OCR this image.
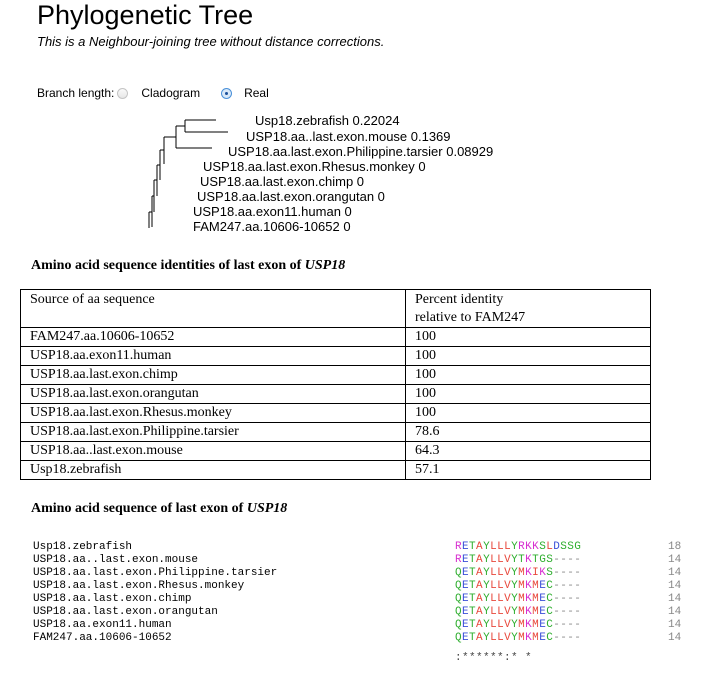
Phylogenetic Tree
This is a Neighbour-joining tree without distance corrections.
Branch length: Cladogram	Real
Usp18.zebrafish 0.22024
USP18.aa..last.exon.mouse 0.1369
USP18.aa.last.exon.Philippine.tarsier 0.08929
USP18.aa.last.exon.Rhesus.monkey 0
USP18.aa.last.exon.chimp 0
USP18.aa.last.exon.orangutan 0
USP18.aa.exon11.human 0
FAM247.aa.10606-10652 0
Amino acid sequence identities of last exon of USP18
Source of aa sequence	Percent identity
relative to FAM247
FAM247.aa.10606-10652	100
USP18.aa.exon11.human	100
USP18.aa.last.exon.chimp	100
USP18.aa.last.exon.orangutan	100
USP18.aa.last.exon.Rhesus.monkey	100
USP18.aa.last.exon.Philippine.tarsier	78.6
USP18.aa..last.exon.mouse	64.3
Usp18.zebrafish	57.1
Amino acid sequence of last exon of USP18
Usp18.zebrafish	RETAYLLLYRKKSLDSSG	18
USP18.aa..last.exon.mouse	RETAYLLVYTKTGS----	14
USP18.aa.last.exon.Philippine.tarsier	QETAYLLVYMKIKS----	14
USP18.aa.last.exon.Rhesus.monkey	QETAYLLVYMKMEC----	14
USP18.aa.last.exon.chimp	QETAYLLVYMKMEC----	14
USP18.aa.last.exon.orangutan	QETAYLLVYMKMEC----	14
USP18.aa.exon11.human	QETAYLLVYMKMEC----	14
FAM247.aa.10606-10652	QETAYLLVYMKMEC----	14
:******:* *
